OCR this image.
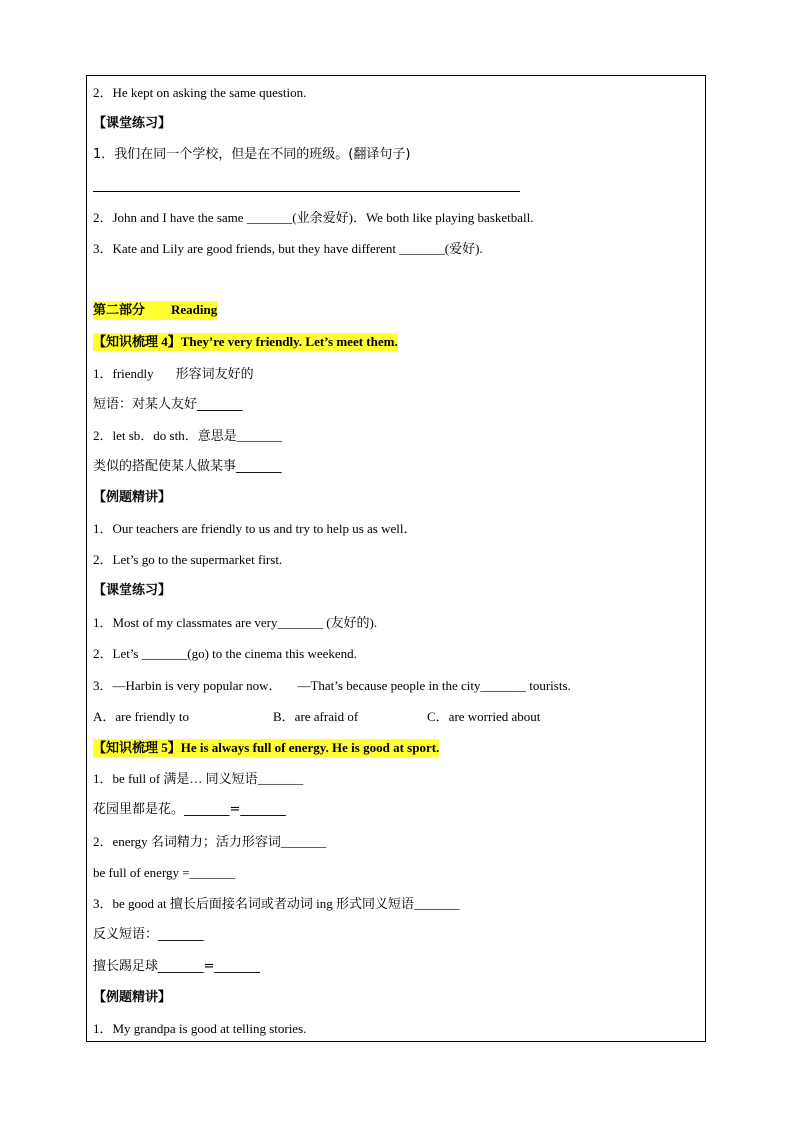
2．He kept on asking the same question.
【课堂练习】
1．我们在同一个学校，但是在不同的班级。(翻译句子)
2．John and I have the same _______(业余爱好)．We both like playing basketball.
3．Kate and Lily are good friends, but they have different _______(爱好).
第二部分 Reading
【知识梳理 4】They’re very friendly. Let’s meet them.
1．friendly 形容词友好的
短语：对某人友好_______
2．let sb．do sth．意思是_______
类似的搭配使某人做某事_______
【例题精讲】
1．Our teachers are friendly to us and try to help us as well．
2．Let’s go to the supermarket first.
【课堂练习】
1．Most of my classmates are very_______ (友好的).
2．Let’s _______(go) to the cinema this weekend.
3．—Harbin is very popular now． —That’s because people in the city_______ tourists.
A．are friendly to	B．are afraid of	C．are worried about
【知识梳理 5】He is always full of energy. He is good at sport.
1．be full of 满是… 同义短语_______
花园里都是花。_______=_______
2．energy 名词精力；活力形容词_______
be full of energy =_______
3．be good at 擅长后面接名词或者动词 ing 形式同义短语_______
反义短语：_______
擅长踢足球_______=_______
【例题精讲】
1．My grandpa is good at telling stories.
